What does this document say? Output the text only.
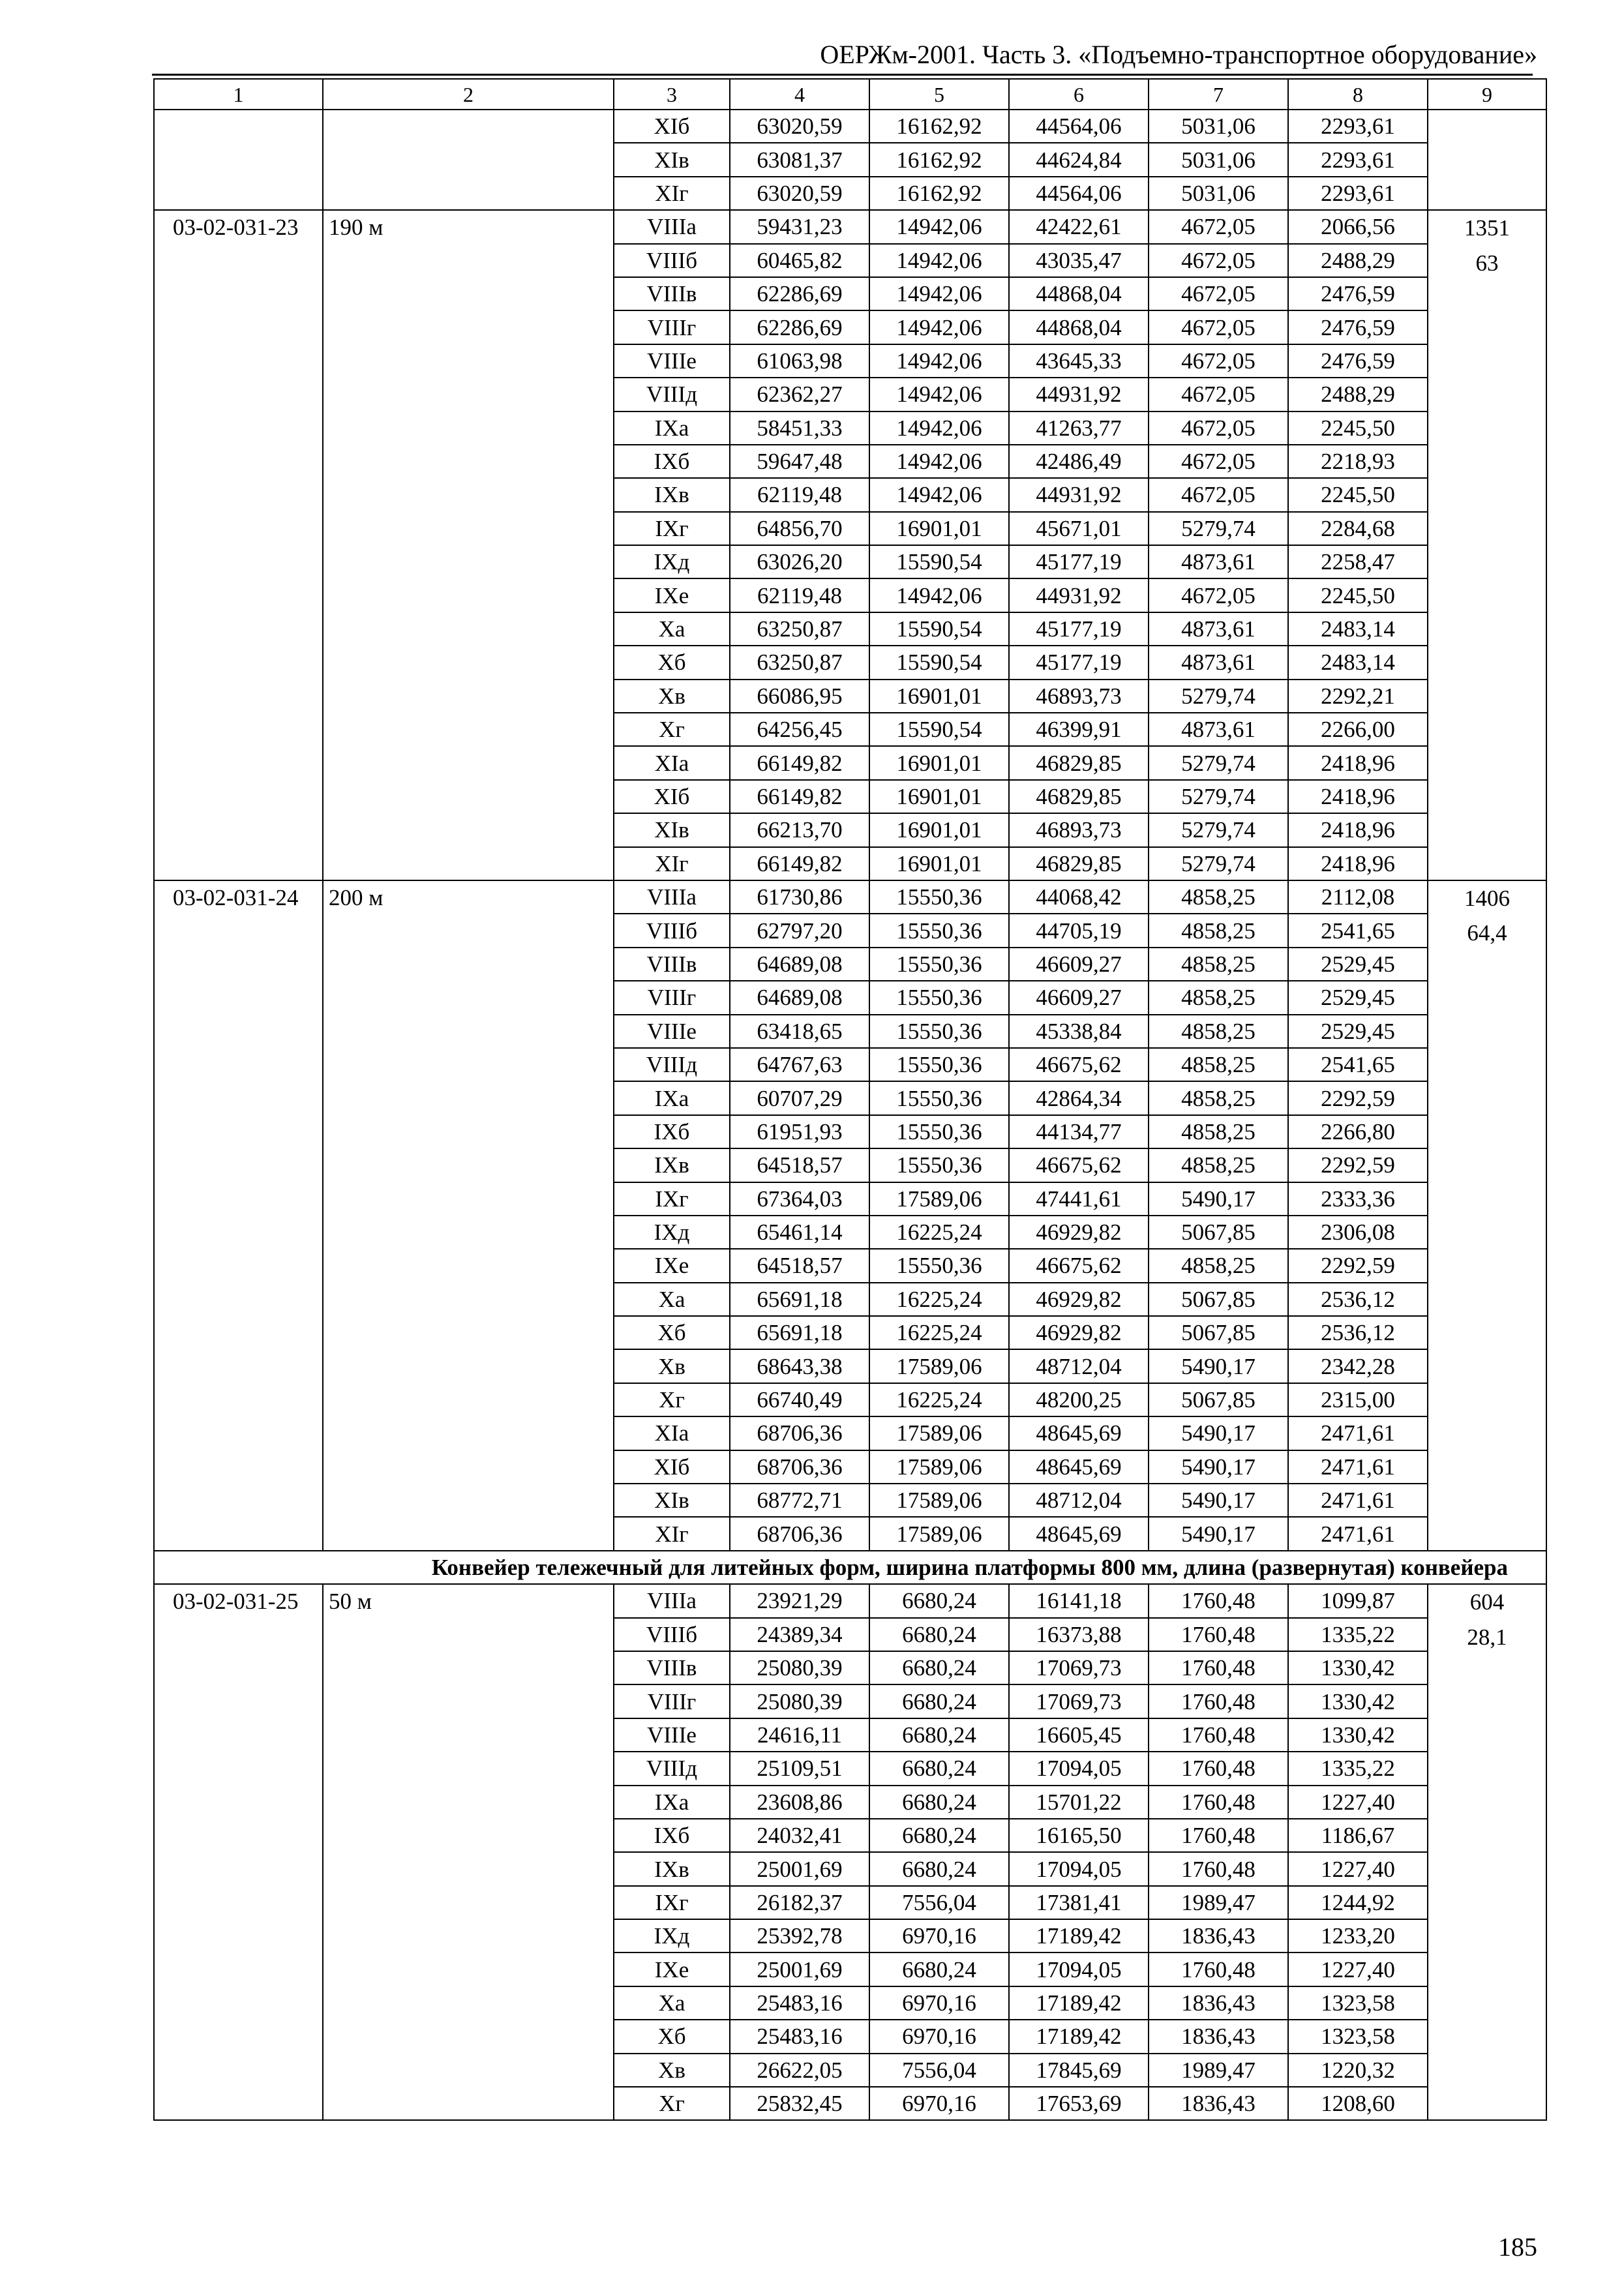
ОЕРЖм-2001. Часть 3. «Подъемно-транспортное оборудование»
1	2	3	4	5	6	7	8	9
		XIб	63020,59	16162,92	44564,06	5031,06	2293,61	
		XIв	63081,37	16162,92	44624,84	5031,06	2293,61	
		XIг	63020,59	16162,92	44564,06	5031,06	2293,61	
03-02-031-23	190 м	VIIIа	59431,23	14942,06	42422,61	4672,05	2066,56	1351
63

		VIIIб	60465,82	14942,06	43035,47	4672,05	2488,29	
		VIIIв	62286,69	14942,06	44868,04	4672,05	2476,59	
		VIIIг	62286,69	14942,06	44868,04	4672,05	2476,59	
		VIIIе	61063,98	14942,06	43645,33	4672,05	2476,59	
		VIIIд	62362,27	14942,06	44931,92	4672,05	2488,29	
		IXа	58451,33	14942,06	41263,77	4672,05	2245,50	
		IXб	59647,48	14942,06	42486,49	4672,05	2218,93	
		IXв	62119,48	14942,06	44931,92	4672,05	2245,50	
		IXг	64856,70	16901,01	45671,01	5279,74	2284,68	
		IXд	63026,20	15590,54	45177,19	4873,61	2258,47	
		IXе	62119,48	14942,06	44931,92	4672,05	2245,50	
		Xа	63250,87	15590,54	45177,19	4873,61	2483,14	
		Xб	63250,87	15590,54	45177,19	4873,61	2483,14	
		Xв	66086,95	16901,01	46893,73	5279,74	2292,21	
		Xг	64256,45	15590,54	46399,91	4873,61	2266,00	
		XIа	66149,82	16901,01	46829,85	5279,74	2418,96	
		XIб	66149,82	16901,01	46829,85	5279,74	2418,96	
		XIв	66213,70	16901,01	46893,73	5279,74	2418,96	
		XIг	66149,82	16901,01	46829,85	5279,74	2418,96	
03-02-031-24	200 м	VIIIа	61730,86	15550,36	44068,42	4858,25	2112,08	1406
64,4

		VIIIб	62797,20	15550,36	44705,19	4858,25	2541,65	
		VIIIв	64689,08	15550,36	46609,27	4858,25	2529,45	
		VIIIг	64689,08	15550,36	46609,27	4858,25	2529,45	
		VIIIе	63418,65	15550,36	45338,84	4858,25	2529,45	
		VIIIд	64767,63	15550,36	46675,62	4858,25	2541,65	
		IXа	60707,29	15550,36	42864,34	4858,25	2292,59	
		IXб	61951,93	15550,36	44134,77	4858,25	2266,80	
		IXв	64518,57	15550,36	46675,62	4858,25	2292,59	
		IXг	67364,03	17589,06	47441,61	5490,17	2333,36	
		IXд	65461,14	16225,24	46929,82	5067,85	2306,08	
		IXе	64518,57	15550,36	46675,62	4858,25	2292,59	
		Xа	65691,18	16225,24	46929,82	5067,85	2536,12	
		Xб	65691,18	16225,24	46929,82	5067,85	2536,12	
		Xв	68643,38	17589,06	48712,04	5490,17	2342,28	
		Xг	66740,49	16225,24	48200,25	5067,85	2315,00	
		XIа	68706,36	17589,06	48645,69	5490,17	2471,61	
		XIб	68706,36	17589,06	48645,69	5490,17	2471,61	
		XIв	68772,71	17589,06	48712,04	5490,17	2471,61	
		XIг	68706,36	17589,06	48645,69	5490,17	2471,61	
Конвейер тележечный для литейных форм, ширина платформы 800 мм, длина (развернутая) конвейера								
03-02-031-25	50 м	VIIIа	23921,29	6680,24	16141,18	1760,48	1099,87	604
28,1

		VIIIб	24389,34	6680,24	16373,88	1760,48	1335,22	
		VIIIв	25080,39	6680,24	17069,73	1760,48	1330,42	
		VIIIг	25080,39	6680,24	17069,73	1760,48	1330,42	
		VIIIе	24616,11	6680,24	16605,45	1760,48	1330,42	
		VIIIд	25109,51	6680,24	17094,05	1760,48	1335,22	
		IXа	23608,86	6680,24	15701,22	1760,48	1227,40	
		IXб	24032,41	6680,24	16165,50	1760,48	1186,67	
		IXв	25001,69	6680,24	17094,05	1760,48	1227,40	
		IXг	26182,37	7556,04	17381,41	1989,47	1244,92	
		IXд	25392,78	6970,16	17189,42	1836,43	1233,20	
		IXе	25001,69	6680,24	17094,05	1760,48	1227,40	
		Xа	25483,16	6970,16	17189,42	1836,43	1323,58	
		Xб	25483,16	6970,16	17189,42	1836,43	1323,58	
		Xв	26622,05	7556,04	17845,69	1989,47	1220,32	
		Xг	25832,45	6970,16	17653,69	1836,43	1208,60	
185
